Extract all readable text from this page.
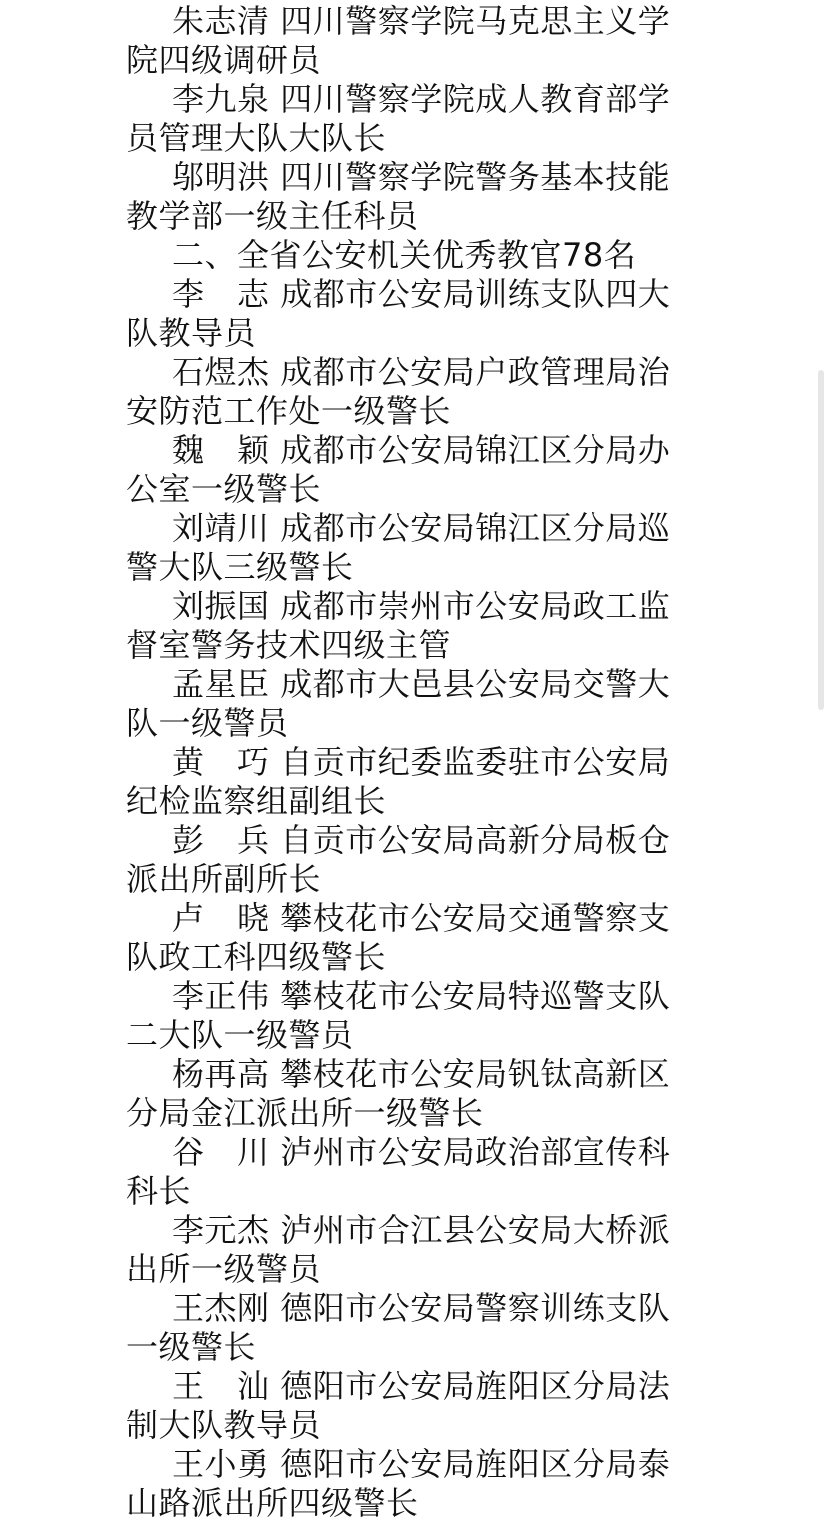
朱志清 四川警察学院马克思主义学院四级调研员

李九泉 四川警察学院成人教育部学员管理大队大队长

邬明洪 四川警察学院警务基本技能教学部一级主任科员

二、全省公安机关优秀教官78名

李　志 成都市公安局训练支队四大队教导员

石煜杰 成都市公安局户政管理局治安防范工作处一级警长

魏　颖 成都市公安局锦江区分局办公室一级警长

刘靖川 成都市公安局锦江区分局巡警大队三级警长

刘振国 成都市崇州市公安局政工监督室警务技术四级主管

孟星臣 成都市大邑县公安局交警大队一级警员

黄　巧 自贡市纪委监委驻市公安局纪检监察组副组长

彭　兵 自贡市公安局高新分局板仓派出所副所长

卢　晓 攀枝花市公安局交通警察支队政工科四级警长

李正伟 攀枝花市公安局特巡警支队二大队一级警员

杨再高 攀枝花市公安局钒钛高新区分局金江派出所一级警长

谷　川 泸州市公安局政治部宣传科科长

李元杰 泸州市合江县公安局大桥派出所一级警员

王杰刚 德阳市公安局警察训练支队一级警长

王　汕 德阳市公安局旌阳区分局法制大队教导员

王小勇 德阳市公安局旌阳区分局泰山路派出所四级警长
